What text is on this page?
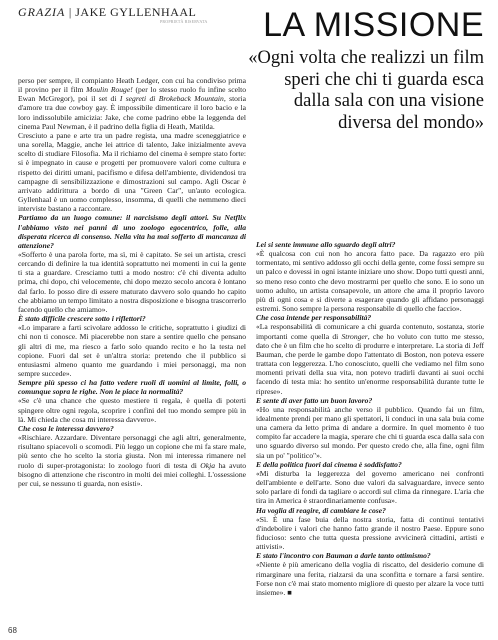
GRAZIA | JAKE GYLLENHAAL
PROPRIETÀ RISERVATA	LA MISSIONE

«Ogni volta che realizzi un film speri che chi ti guarda esca dalla sala con una visione diversa del mondo»

perso per sempre, il compianto Heath Ledger, con cui ha condiviso prima il provino per il film Moulin Rouge! (per lo stesso ruolo fu infine scelto Ewan McGregor), poi il set di I segreti di Brokeback Mountain, storia d'amore tra due cowboy gay. È impossibile dimenticare il loro bacio e la loro indissolubile amicizia: Jake, che come padrino ebbe la leggenda del cinema Paul Newman, è il padrino della figlia di Heath, Matilda.

Cresciuto a pane e arte tra un padre regista, una madre sceneggiatrice e una sorella, Maggie, anche lei attrice di talento, Jake inizialmente aveva scelto di studiare Filosofia. Ma il richiamo del cinema è sempre stato forte: si è impegnato in cause e progetti per promuovere valori come cultura e rispetto dei diritti umani, pacifismo e difesa dell'ambiente, dividendosi tra campagne di sensibilizzazione e dimostrazioni sul campo. Agli Oscar è arrivato addirittura a bordo di una "Green Car", un'auto ecologica. Gyllenhaal è un uomo complesso, insomma, di quelli che nemmeno dieci interviste bastano a raccontare.

Partiamo da un luogo comune: il narcisismo degli attori. Su Netflix l'abbiamo visto nei panni di uno zoologo egocentrico, folle, alla disperata ricerca di consenso. Nella vita ha mai sofferto di mancanza di attenzione?

«Sofferto è una parola forte, ma sì, mi è capitato. Se sei un artista, cresci cercando di definire la tua identità soprattutto nei momenti in cui la gente ti sta a guardare. Cresciamo tutti a modo nostro: c'è chi diventa adulto prima, chi dopo, chi velocemente, chi dopo mezzo secolo ancora è lontano dal farlo. Io posso dire di essere maturato davvero solo quando ho capito che abbiamo un tempo limitato a nostra disposizione e bisogna trascorrerlo facendo quello che amiamo».

È stato difficile crescere sotto i riflettori?

«Lo imparare a farti scivolare addosso le critiche, soprattutto i giudizi di chi non ti conosce. Mi piacerebbe non stare a sentire quello che pensano gli altri di me, ma riesco a farlo solo quando recito e ho la testa nel copione. Fuori dal set è un'altra storia: pretendo che il pubblico si entusiasmi almeno quanto me guardando i miei personaggi, ma non sempre succede».

Sempre più spesso ci ha fatto vedere ruoli di uomini al limite, folli, o comunque sopra le righe. Non le piace la normalità?

«Se c'è una chance che questo mestiere ti regala, è quella di poterti spingere oltre ogni regola, scoprire i confini del tuo mondo sempre più in là. Mi chieda che cosa mi interessa davvero».

Che cosa le interessa davvero?

«Rischiare. Azzardare. Diventare personaggi che agli altri, generalmente, risultano spiacevoli o scomodi. Più leggo un copione che mi fa stare male, più sento che ho scelto la storia giusta. Non mi interessa rimanere nel ruolo di super-protagonista: lo zoologo fuori di testa di Okja ha avuto bisogno di attenzione che riscontro in molti dei miei colleghi. L'ossessione per cui, se nessuno ti guarda, non esisti».

Lei si sente immune allo sguardo degli altri?

«È qualcosa con cui non ho ancora fatto pace. Da ragazzo ero più tormentato, mi sentivo addosso gli occhi della gente, come fossi sempre su un palco e dovessi in ogni istante iniziare uno show. Dopo tutti questi anni, so meno reso conto che devo mostrarmi per quello che sono. E io sono un uomo adulto, un artista consapevole, un attore che ama il proprio lavoro più di ogni cosa e si diverte a esagerare quando gli affidano personaggi estremi. Sono sempre la persona responsabile di quello che faccio».

Che cosa intende per responsabilità?

«La responsabilità di comunicare a chi guarda contenuto, sostanza, storie importanti come quella di Stronger, che ho voluto con tutto me stesso, dato che è un film che ho scelto di produrre e interpretare. La storia di Jeff Bauman, che perde le gambe dopo l'attentato di Boston, non poteva essere trattata con leggerezza. L'ho conosciuto, quelli che vediamo nel film sono momenti privati della sua vita, non potevo tradirli davanti ai suoi occhi facendo di testa mia: ho sentito un'enorme responsabilità durante tutte le riprese».

E sente di aver fatto un buon lavoro?

«Ho una responsabilità anche verso il pubblico. Quando fai un film, idealmente prendi per mano gli spettatori, li conduci in una sala buia come una camera da letto prima di andare a dormire. In quel momento è tuo compito far accadere la magia, sperare che chi ti guarda esca dalla sala con uno sguardo diverso sul mondo. Per questo credo che, alla fine, ogni film sia un po' "politico"».

E della politica fuori dai cinema è soddisfatto?

«Mi disturba la leggerezza del governo americano nei confronti dell'ambiente e dell'arte. Sono due valori da salvaguardare, invece sento solo parlare di fondi da tagliare o accordi sul clima da rinnegare. L'aria che tira in America è straordinariamente confusa».

Ha voglia di reagire, di cambiare le cose?

«Sì. È una fase buia della nostra storia, fatta di continui tentativi d'indebolire i valori che hanno fatto grande il nostro Paese. Eppure sono fiducioso: sento che tutta questa pressione avvicinerà cittadini, artisti e attivisti».

E stato l'incontro con Bauman a darle tanto ottimismo?

«Niente è più americano della voglia di riscatto, del desiderio comune di rimarginare una ferita, rialzarsi da una sconfitta e tornare a farsi sentire. Forse non c'è mai stato momento migliore di questo per alzare la voce tutti insieme». ■

68
